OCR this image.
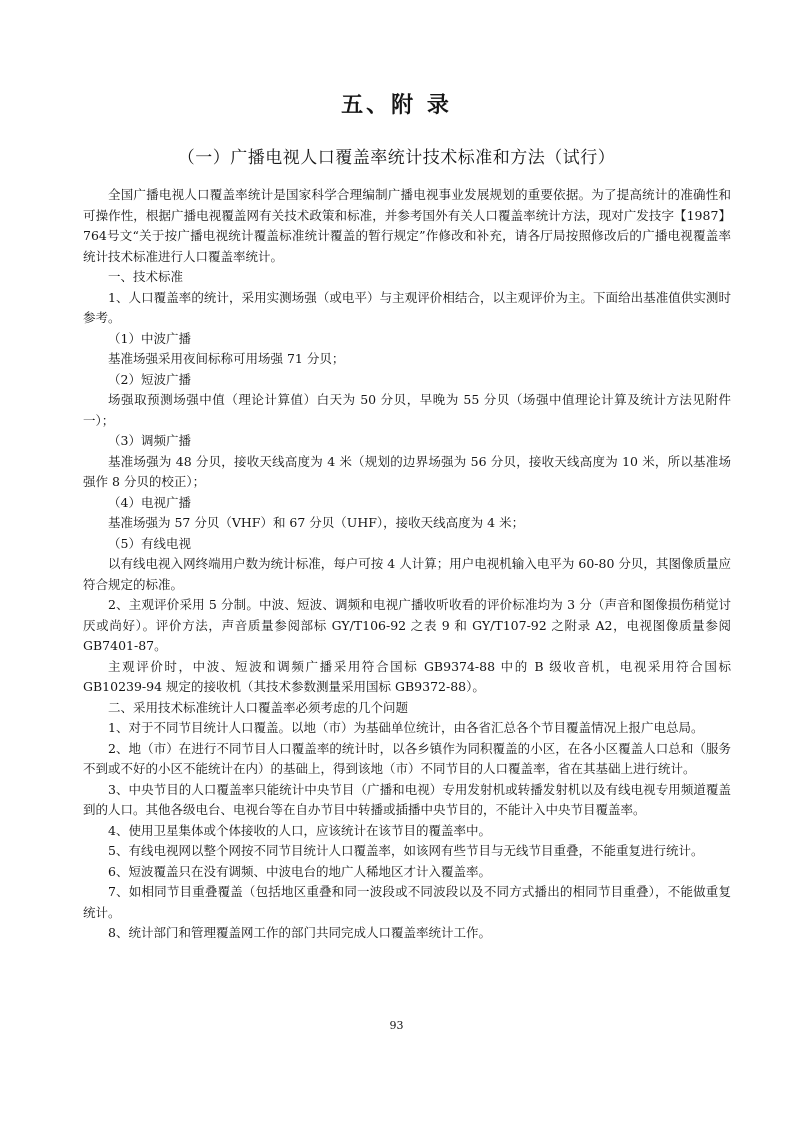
五、附 录
（一）广播电视人口覆盖率统计技术标准和方法（试行）

全国广播电视人口覆盖率统计是国家科学合理编制广播电视事业发展规划的重要依据。为了提高统计的准确性和可操作性，根据广播电视覆盖网有关技术政策和标准，并参考国外有关人口覆盖率统计方法，现对广发技字【1987】764号文“关于按广播电视统计覆盖标准统计覆盖的暂行规定”作修改和补充，请各厅局按照修改后的广播电视覆盖率统计技术标准进行人口覆盖率统计。

一、技术标准

1、人口覆盖率的统计，采用实测场强（或电平）与主观评价相结合，以主观评价为主。下面给出基准值供实测时参考。

（1）中波广播

基准场强采用夜间标称可用场强 71 分贝；

（2）短波广播

场强取预测场强中值（理论计算值）白天为 50 分贝，早晚为 55 分贝（场强中值理论计算及统计方法见附件一）；

（3）调频广播

基准场强为 48 分贝，接收天线高度为 4 米（规划的边界场强为 56 分贝，接收天线高度为 10 米，所以基准场强作 8 分贝的校正）；

（4）电视广播

基准场强为 57 分贝（VHF）和 67 分贝（UHF），接收天线高度为 4 米；

（5）有线电视

以有线电视入网终端用户数为统计标准，每户可按 4 人计算；用户电视机输入电平为 60-80 分贝，其图像质量应符合规定的标准。

2、主观评价采用 5 分制。中波、短波、调频和电视广播收听收看的评价标准均为 3 分（声音和图像损伤稍觉讨厌或尚好）。评价方法，声音质量参阅部标 GY/T106-92 之表 9 和 GY/T107-92 之附录 A2，电视图像质量参阅 GB7401-87。

主观评价时，中波、短波和调频广播采用符合国标 GB9374-88 中的 B 级收音机，电视采用符合国标 GB10239-94 规定的接收机（其技术参数测量采用国标 GB9372-88）。

二、采用技术标准统计人口覆盖率必须考虑的几个问题

1、对于不同节目统计人口覆盖。以地（市）为基础单位统计，由各省汇总各个节目覆盖情况上报广电总局。

2、地（市）在进行不同节目人口覆盖率的统计时，以各乡镇作为同积覆盖的小区，在各小区覆盖人口总和（服务不到或不好的小区不能统计在内）的基础上，得到该地（市）不同节目的人口覆盖率，省在其基础上进行统计。

3、中央节目的人口覆盖率只能统计中央节目（广播和电视）专用发射机或转播发射机以及有线电视专用频道覆盖到的人口。其他各级电台、电视台等在自办节目中转播或插播中央节目的，不能计入中央节目覆盖率。

4、使用卫星集体或个体接收的人口，应该统计在该节目的覆盖率中。

5、有线电视网以整个网按不同节目统计人口覆盖率，如该网有些节目与无线节目重叠，不能重复进行统计。

6、短波覆盖只在没有调频、中波电台的地广人稀地区才计入覆盖率。

7、如相同节目重叠覆盖（包括地区重叠和同一波段或不同波段以及不同方式播出的相同节目重叠），不能做重复统计。

8、统计部门和管理覆盖网工作的部门共同完成人口覆盖率统计工作。

93
